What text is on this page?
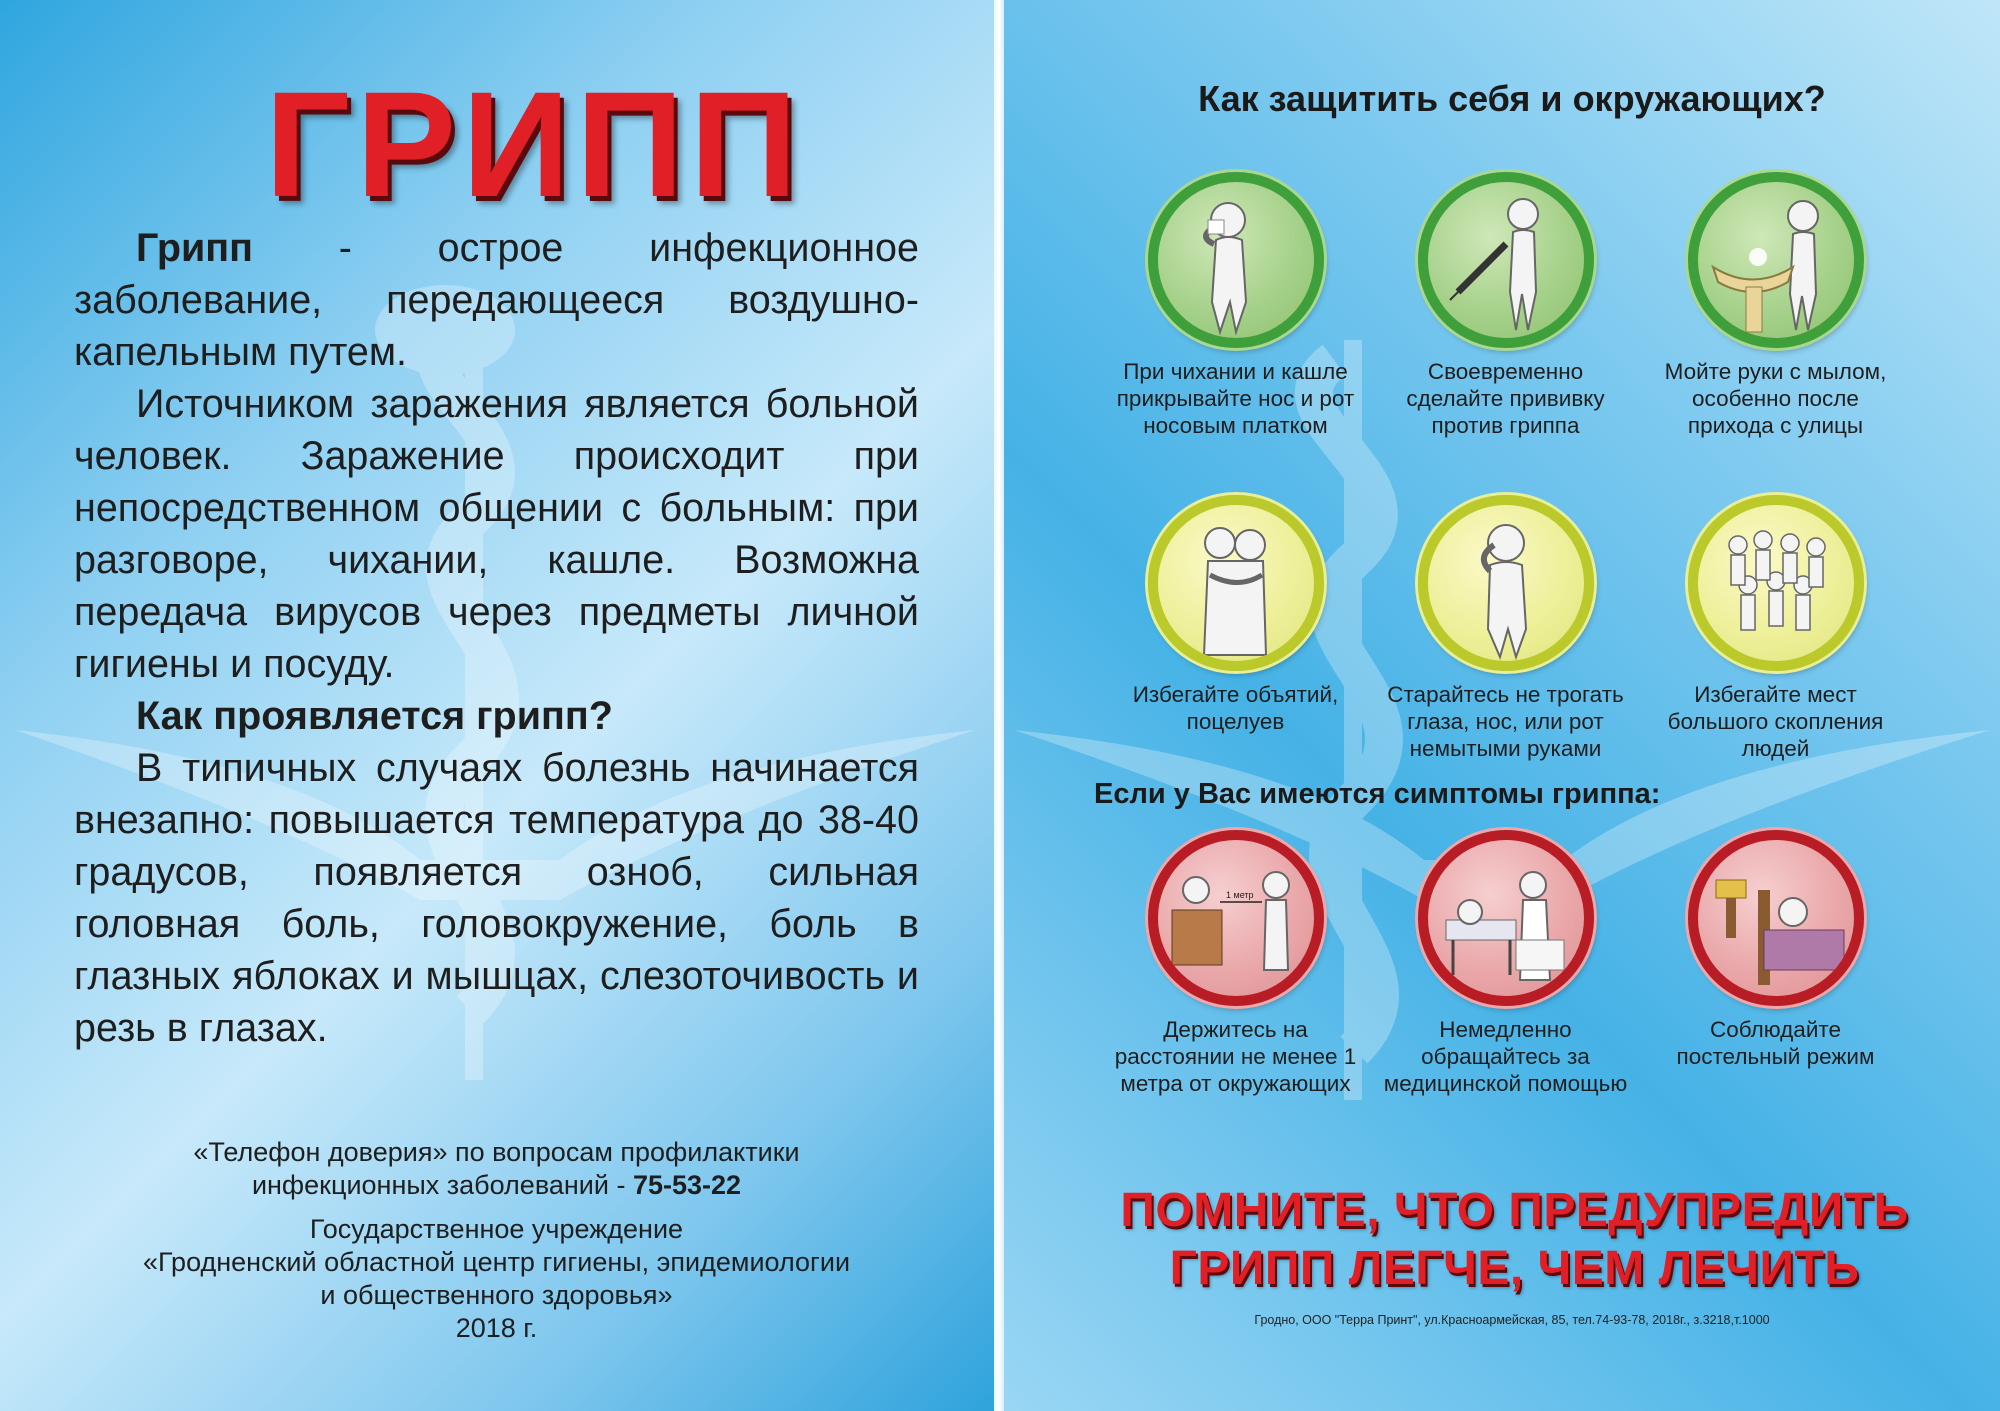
ГРИПП

Грипп - острое инфекционное заболевание, передающееся воздушно-капельным путем.

Источником заражения является больной человек. Заражение происходит при непосредственном общении с больным: при разговоре, чихании, кашле. Возможна передача вирусов через предметы личной гигиены и посуду.

Как проявляется грипп?

В типичных случаях болезнь начинается внезапно: повышается температура до 38-40 градусов, появляется озноб, сильная головная боль, головокружение, боль в глазных яблоках и мышцах, слезоточивость и резь в глазах.

«Телефон доверия» по вопросам профилактики
инфекционных заболеваний - 75-53-22
Государственное учреждение
«Гродненский областной центр гигиены, эпидемиологии
и общественного здоровья»
2018 г.
Как защитить себя и окружающих?
При чихании и кашле прикрывайте нос и рот носовым платком
Своевременно сделайте прививку против гриппа
Мойте руки с мылом, особенно после прихода с улицы
Избегайте объятий, поцелуев
Старайтесь не трогать глаза, нос, или рот немытыми руками
Избегайте мест большого скопления людей
Если у Вас имеются симптомы гриппа:
1 метр
Держитесь на расстоянии не менее 1 метра от окружающих
Немедленно обращайтесь за медицинской помощью
Соблюдайте постельный режим
ПОМНИТЕ, ЧТО ПРЕДУПРЕДИТЬ
ГРИПП ЛЕГЧЕ, ЧЕМ ЛЕЧИТЬ
Гродно, ООО "Терра Принт", ул.Красноармейская, 85, тел.74-93-78, 2018г., з.3218,т.1000
